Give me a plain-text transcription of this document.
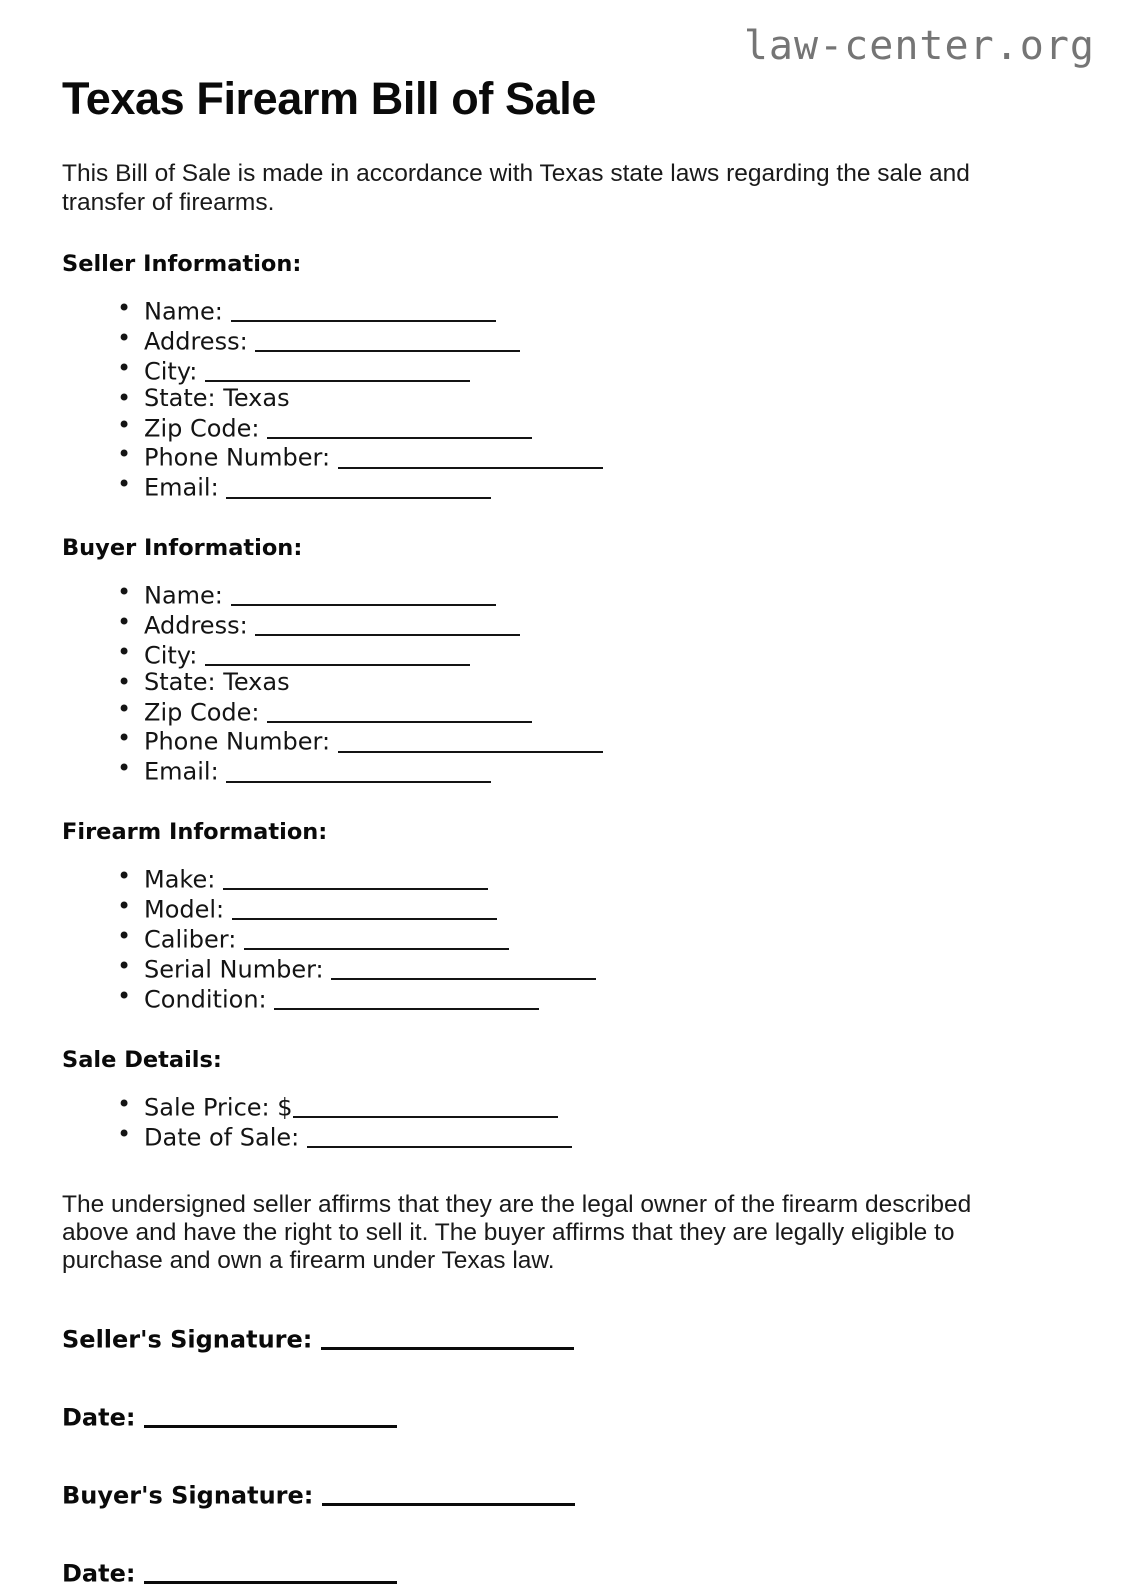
law-center.org
Texas Firearm Bill of Sale

This Bill of Sale is made in accordance with Texas state laws regarding the sale and transfer of firearms.

Seller Information:
• Name:
• Address:
• City:
• State: Texas
• Zip Code:
• Phone Number:
• Email:
Buyer Information:
• Name:
• Address:
• City:
• State: Texas
• Zip Code:
• Phone Number:
• Email:
Firearm Information:
• Make:
• Model:
• Caliber:
• Serial Number:
• Condition:
Sale Details:
• Sale Price: $
• Date of Sale:

The undersigned seller affirms that they are the legal owner of the firearm described above and have the right to sell it. The buyer affirms that they are legally eligible to purchase and own a firearm under Texas law.

Seller's Signature:
Date:
Buyer's Signature:
Date:
